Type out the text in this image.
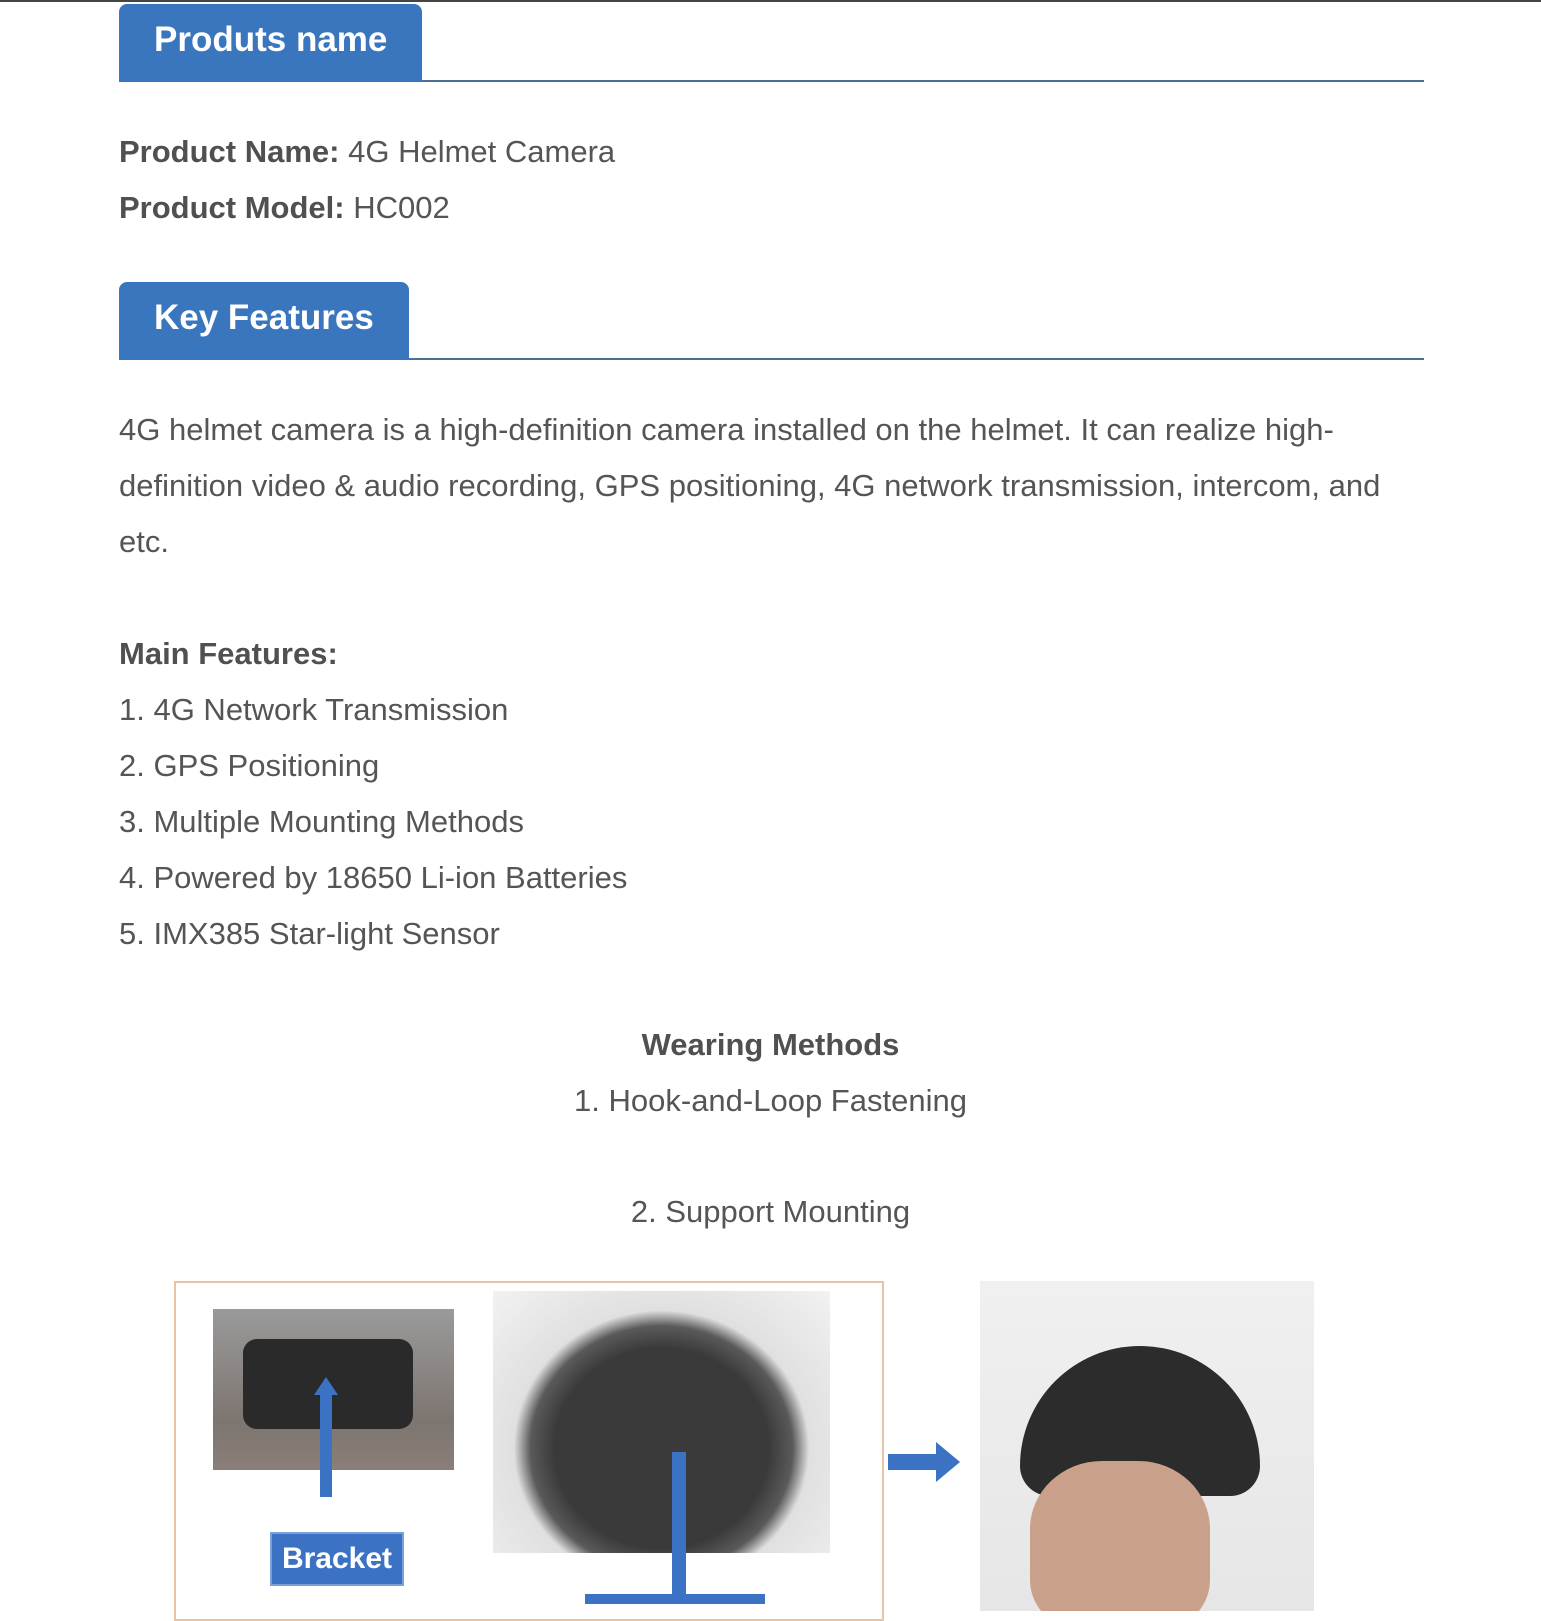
Produts name
Product Name: 4G Helmet Camera
Product Model: HC002
Key Features
4G helmet camera is a high-definition camera installed on the helmet. It can realize high-definition video & audio recording, GPS positioning, 4G network transmission, intercom, and etc.
Main Features:
1. 4G Network Transmission
2. GPS Positioning
3. Multiple Mounting Methods
4. Powered by 18650 Li-ion Batteries
5. IMX385 Star-light Sensor
Wearing Methods
1. Hook-and-Loop Fastening
2. Support Mounting
Bracket
